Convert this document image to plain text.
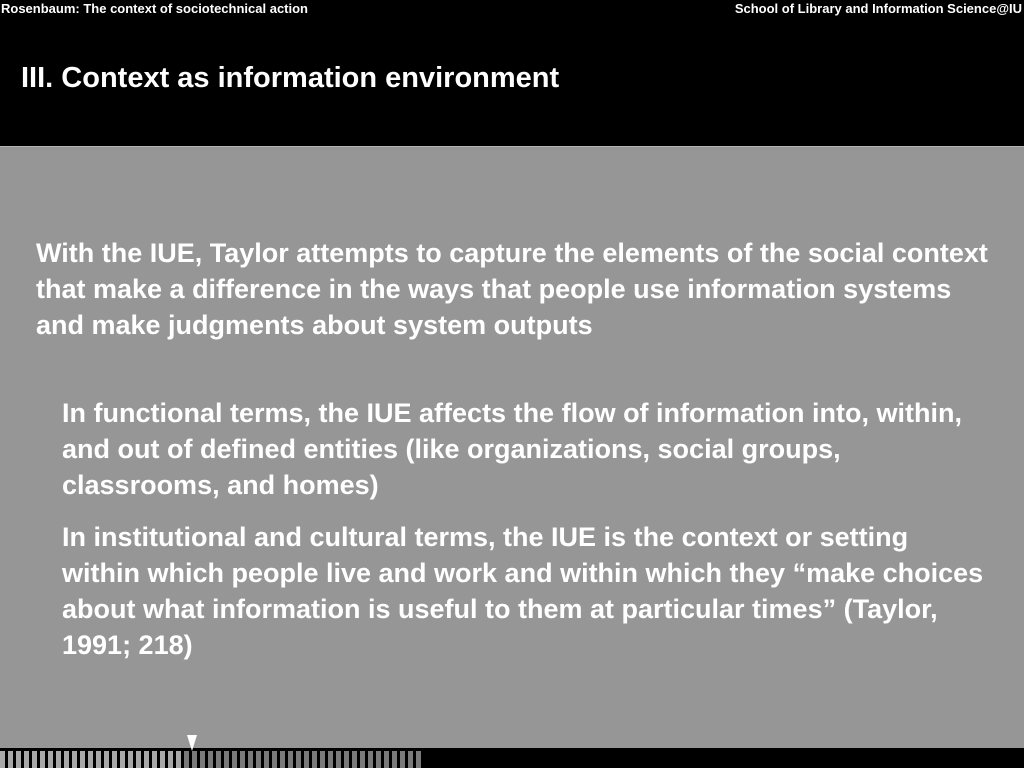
Rosenbaum: The context of sociotechnical action	School of Library and Information Science@IU
III. Context as information environment

With the IUE, Taylor attempts to capture the elements of the social context that make a difference in the ways that people use information systems and make judgments about system outputs

In functional terms, the IUE affects the flow of information into, within, and out of defined entities (like organizations, social groups, classrooms, and homes)

In institutional and cultural terms, the IUE is the context or setting within which people live and work and within which they “make choices about what information is useful to them at particular times” (Taylor, 1991; 218)
